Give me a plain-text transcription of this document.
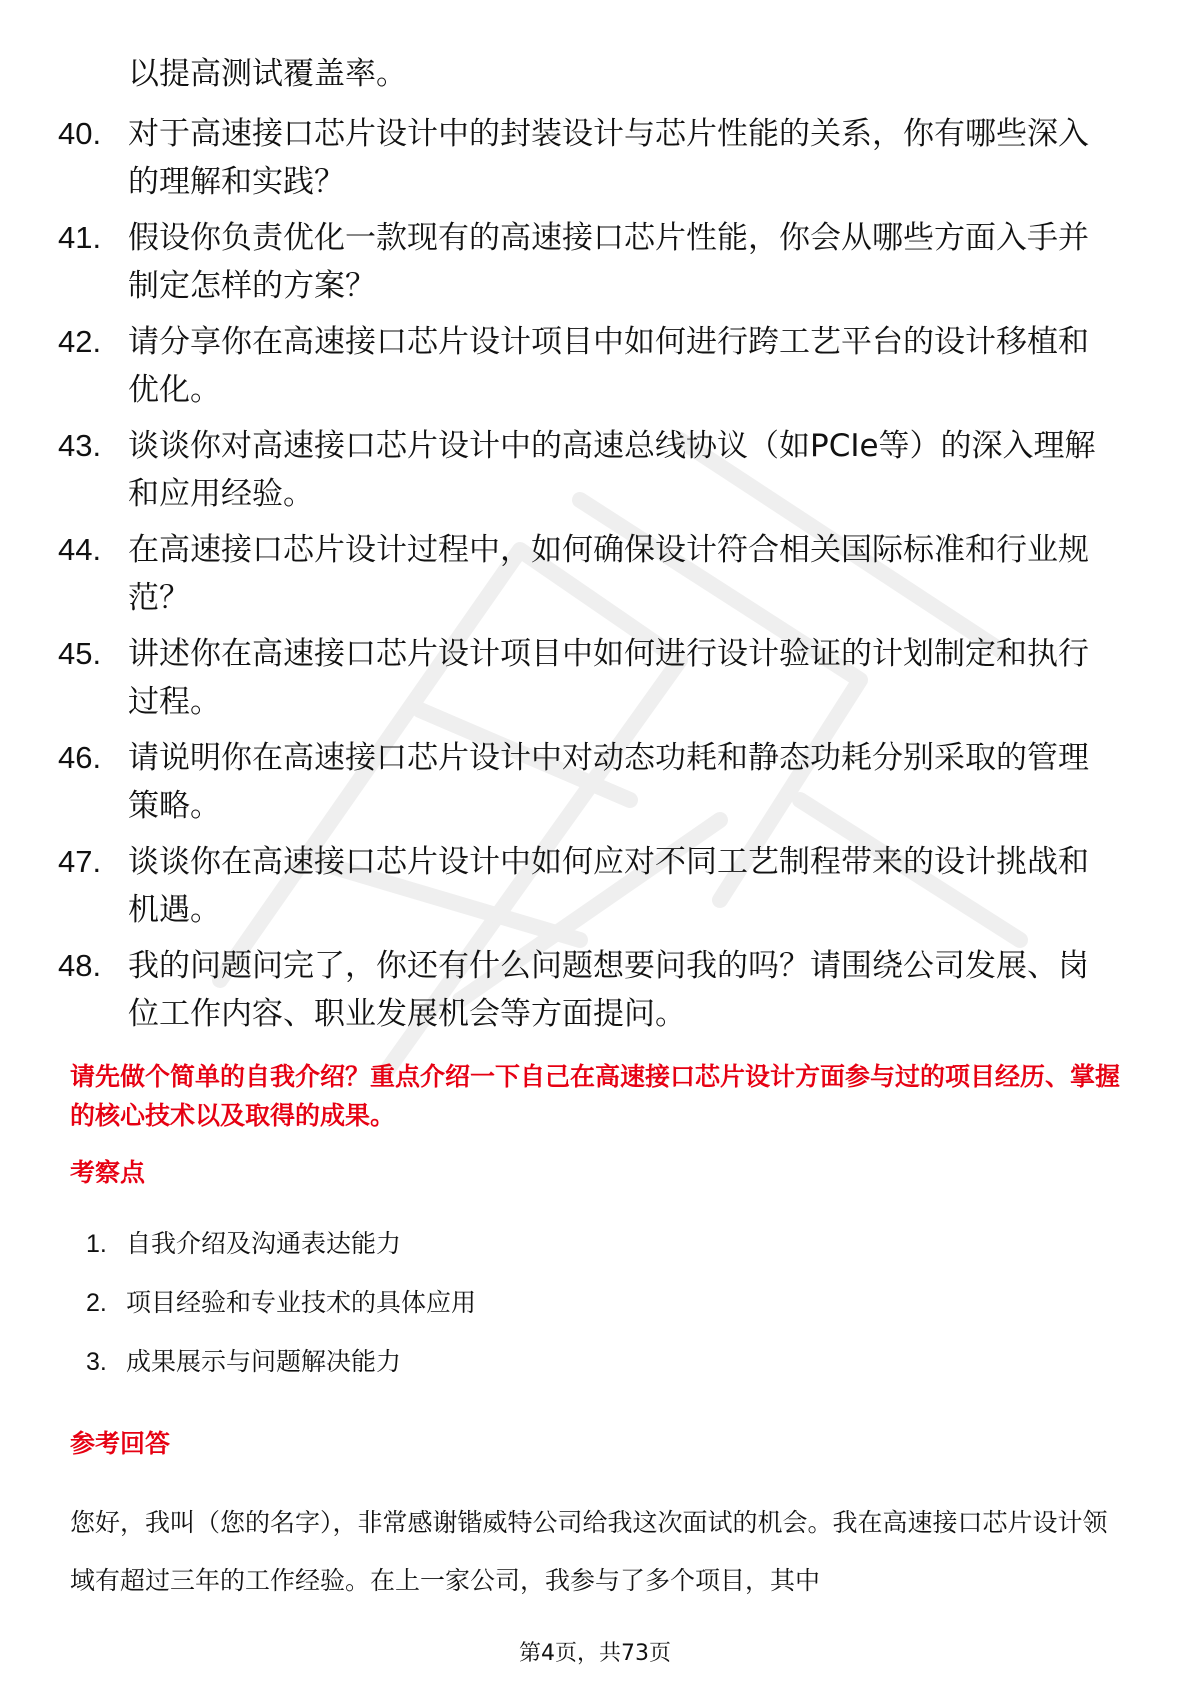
以提高测试覆盖率。
40. 对于高速接口芯片设计中的封装设计与芯片性能的关系，你有哪些深入的理解和实践？
41. 假设你负责优化一款现有的高速接口芯片性能，你会从哪些方面入手并制定怎样的方案？
42. 请分享你在高速接口芯片设计项目中如何进行跨工艺平台的设计移植和优化。
43. 谈谈你对高速接口芯片设计中的高速总线协议（如PCIe等）的深入理解和应用经验。
44. 在高速接口芯片设计过程中，如何确保设计符合相关国际标准和行业规范？
45. 讲述你在高速接口芯片设计项目中如何进行设计验证的计划制定和执行过程。
46. 请说明你在高速接口芯片设计中对动态功耗和静态功耗分别采取的管理策略。
47. 谈谈你在高速接口芯片设计中如何应对不同工艺制程带来的设计挑战和机遇。
48. 我的问题问完了，你还有什么问题想要问我的吗？请围绕公司发展、岗位工作内容、职业发展机会等方面提问。
请先做个简单的自我介绍？重点介绍一下自己在高速接口芯片设计方面参与过的项目经历、掌握的核心技术以及取得的成果。
考察点
1. 自我介绍及沟通表达能力
2. 项目经验和专业技术的具体应用
3. 成果展示与问题解决能力
参考回答
您好，我叫（您的名字），非常感谢锴威特公司给我这次面试的机会。我在高速接口芯片设计领域有超过三年的工作经验。在上一家公司，我参与了多个项目，其中
第4页，共73页
